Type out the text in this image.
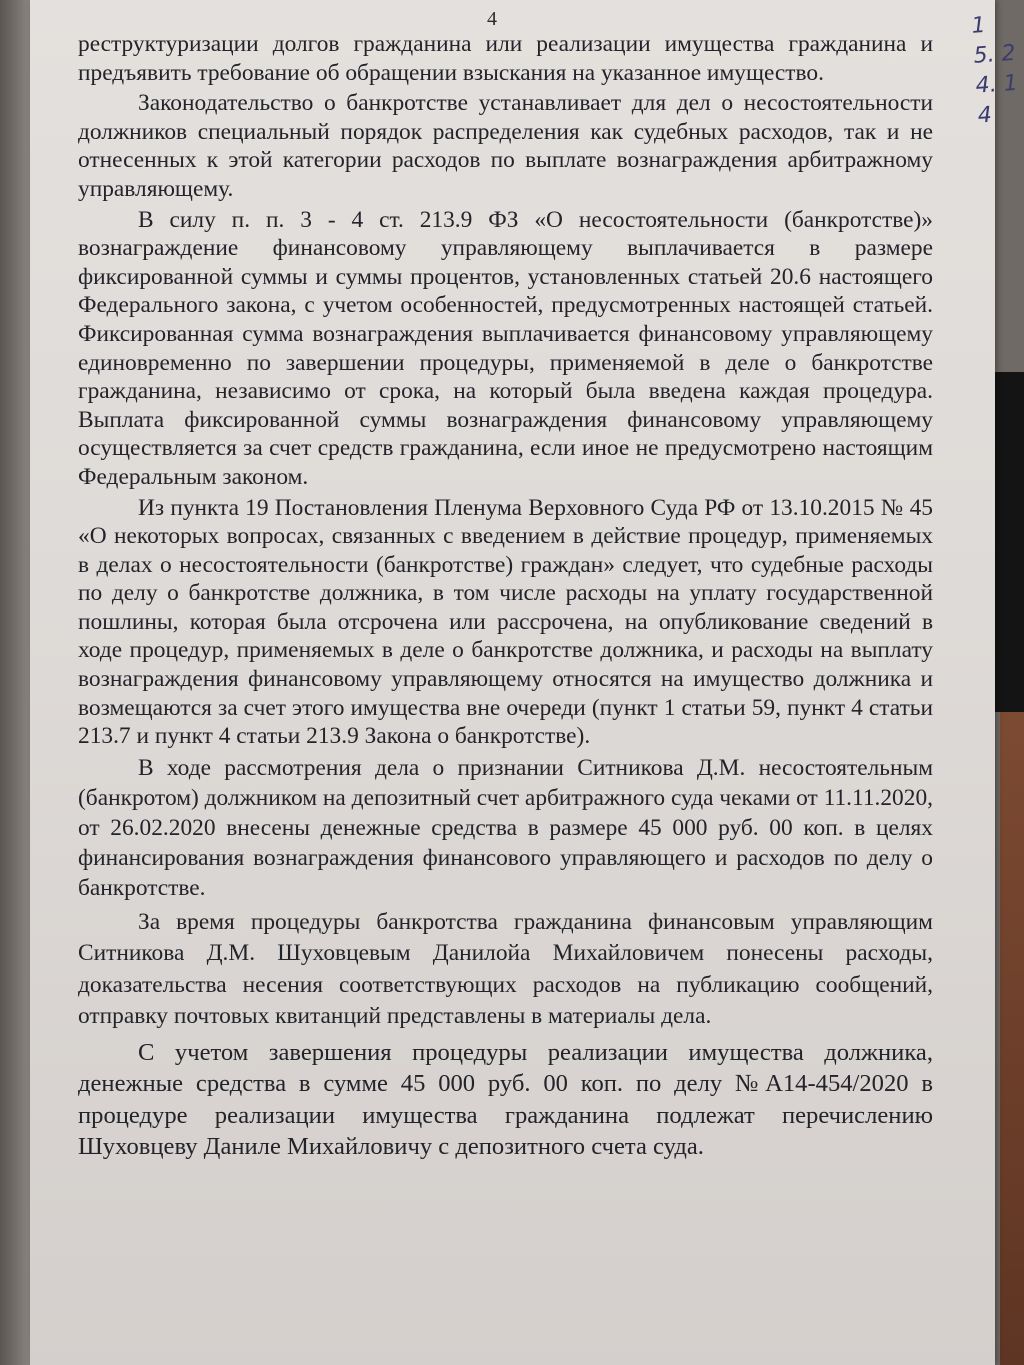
4

реструктуризации долгов гражданина или реализации имущества гражданина и предъявить требование об обращении взыскания на указанное имущество.

Законодательство о банкротстве устанавливает для дел о несостоятельности должников специальный порядок распределения как судебных расходов, так и не отнесенных к этой категории расходов по выплате вознаграждения арбитражному управляющему.

В силу п. п. 3 - 4 ст. 213.9 ФЗ «О несостоятельности (банкротстве)» вознаграждение финансовому управляющему выплачивается в размере фиксированной суммы и суммы процентов, установленных статьей 20.6 настоящего Федерального закона, с учетом особенностей, предусмотренных настоящей статьей. Фиксированная сумма вознаграждения выплачивается финансовому управляющему единовременно по завершении процедуры, применяемой в деле о банкротстве гражданина, независимо от срока, на который была введена каждая процедура. Выплата фиксированной суммы вознаграждения финансовому управляющему осуществляется за счет средств гражданина, если иное не предусмотрено настоящим Федеральным законом.

Из пункта 19 Постановления Пленума Верховного Суда РФ от 13.10.2015 № 45 «О некоторых вопросах, связанных с введением в действие процедур, применяемых в делах о несостоятельности (банкротстве) граждан» следует, что судебные расходы по делу о банкротстве должника, в том числе расходы на уплату государственной пошлины, которая была отсрочена или рассрочена, на опубликование сведений в ходе процедур, применяемых в деле о банкротстве должника, и расходы на выплату вознаграждения финансовому управляющему относятся на имущество должника и возмещаются за счет этого имущества вне очереди (пункт 1 статьи 59, пункт 4 статьи 213.7 и пункт 4 статьи 213.9 Закона о банкротстве).

В ходе рассмотрения дела о признании Ситникова Д.М. несостоятельным (банкротом) должником на депозитный счет арбитражного суда чеками от 11.11.2020, от 26.02.2020 внесены денежные средства в размере 45 000 руб. 00 коп. в целях финансирования вознаграждения финансового управляющего и расходов по делу о банкротстве.

За время процедуры банкротства гражданина финансовым управляющим Ситникова Д.М. Шуховцевым Данилойа Михайловичем понесены расходы, доказательства несения соответствующих расходов на публикацию сообщений, отправку почтовых квитанций представлены в материалы дела.

С учетом завершения процедуры реализации имущества должника, денежные средства в сумме 45 000 руб. 00 коп. по делу №А14-454/2020 в процедуре реализации имущества гражданина подлежат перечислению Шуховцеву Даниле Михайловичу с депозитного счета суда.

1
5. 2
4. 1
4
